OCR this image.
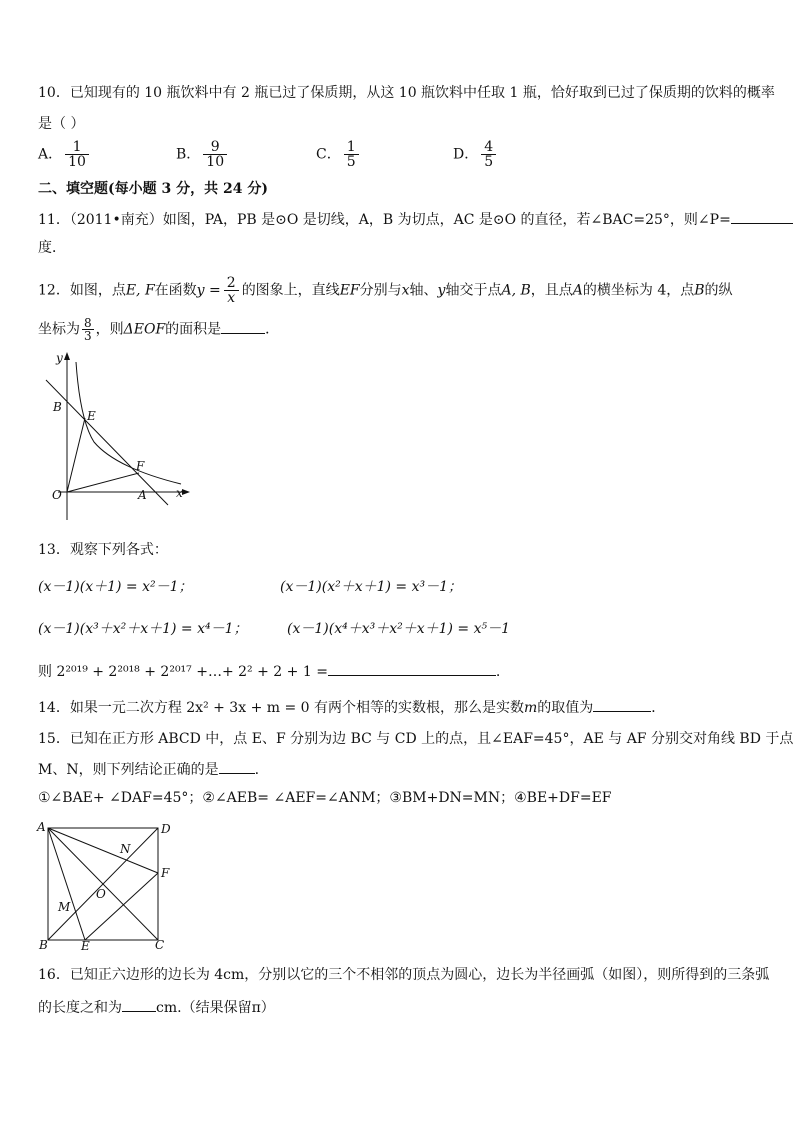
10．已知现有的 10 瓶饮料中有 2 瓶已过了保质期，从这 10 瓶饮料中任取 1 瓶，恰好取到已过了保质期的饮料的概率
是（ ）
A． $\frac{1}{10}$	B． $\frac{9}{10}$	C． $\frac{1}{5}$	D． $\frac{4}{5}$
二、填空题(每小题 3 分，共 24 分)
11．（2011•南充）如图，PA，PB 是⊙O 是切线，A，B 为切点，AC 是⊙O 的直径，若∠BAC=25°，则∠P=
度．
12．如图，点E, F在函数$y = \frac{2}{x}$ 的图象上，直线EF分别与x轴、y轴交于点A, B，且点A的横坐标为 4，点B的纵
坐标为 $\frac{8}{3}$ ，则ΔEOF的面积是	．
y
x
B
E
F
O	A
13．观察下列各式：
(x－1)(x＋1) = x²－1；	(x－1)(x²＋x＋1) = x³－1；
(x－1)(x³＋x²＋x＋1) = x⁴－1；	(x－1)(x⁴＋x³＋x²＋x＋1) = x⁵－1
则 2²⁰¹⁹ + 2²⁰¹⁸ + 2²⁰¹⁷ +…+ 2² + 2 + 1 =	.
14．如果一元二次方程 2x² + 3x + m = 0 有两个相等的实数根，那么是实数m的取值为	．
15．已知在正方形 ABCD 中，点 E、F 分别为边 BC 与 CD 上的点，且∠EAF=45°，AE 与 AF 分别交对角线 BD 于点
M、N，则下列结论正确的是	.
①∠BAE+ ∠DAF=45°；②∠AEB= ∠AEF=∠ANM；③BM+DN=MN；④BE+DF=EF
A	D
N
F
O
M
B	E	C
16．已知正六边形的边长为 4cm，分别以它的三个不相邻的顶点为圆心，边长为半径画弧（如图），则所得到的三条弧
的长度之和为 cm.（结果保留π）
